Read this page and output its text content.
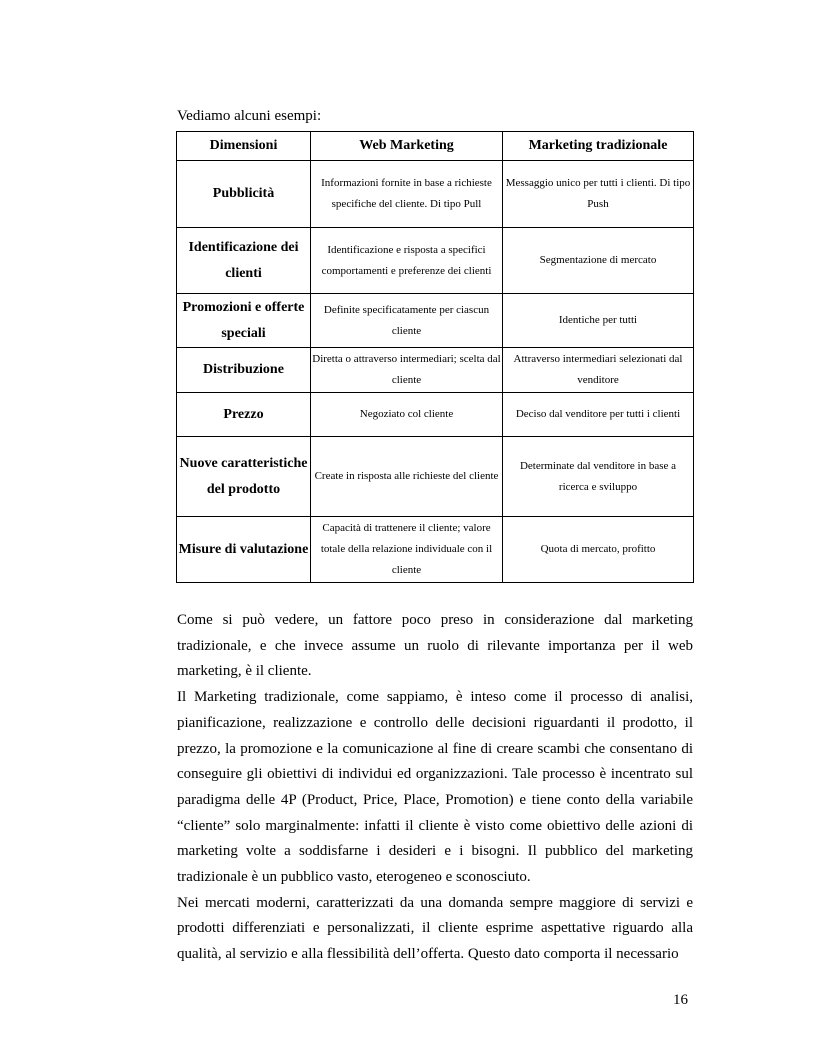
Vediamo alcuni esempi:
Dimensioni	Web Marketing	Marketing tradizionale
Pubblicità	Informazioni fornite in base a richieste specifiche del cliente. Di tipo Pull	Messaggio unico per tutti i clienti. Di tipo Push
Identificazione dei clienti	Identificazione e risposta a specifici comportamenti e preferenze dei clienti	Segmentazione di mercato
Promozioni e offerte speciali	Definite specificatamente per ciascun cliente	Identiche per tutti
Distribuzione	Diretta o attraverso intermediari; scelta dal cliente	Attraverso intermediari selezionati dal venditore
Prezzo	Negoziato col cliente	Deciso dal venditore per tutti i clienti
Nuove caratteristiche del prodotto	Create in risposta alle richieste del cliente	Determinate dal venditore in base a ricerca e sviluppo
Misure di valutazione	Capacità di trattenere il cliente; valore totale della relazione individuale con il cliente	Quota di mercato, profitto

Come si può vedere, un fattore poco preso in considerazione dal marketing tradizionale, e che invece assume un ruolo di rilevante importanza per il web marketing, è il cliente.

Il Marketing tradizionale, come sappiamo, è inteso come il processo di analisi, pianificazione, realizzazione e controllo delle decisioni riguardanti il prodotto, il prezzo, la promozione e la comunicazione al fine di creare scambi che consentano di conseguire gli obiettivi di individui ed organizzazioni. Tale processo è incentrato sul paradigma delle 4P (Product, Price, Place, Promotion) e tiene conto della variabile “cliente” solo marginalmente: infatti il cliente è visto come obiettivo delle azioni di marketing volte a soddisfarne i desideri e i bisogni. Il pubblico del marketing tradizionale è un pubblico vasto, eterogeneo e sconosciuto.

Nei mercati moderni, caratterizzati da una domanda sempre maggiore di servizi e prodotti differenziati e personalizzati, il cliente esprime aspettative riguardo alla qualità, al servizio e alla flessibilità dell’offerta. Questo dato comporta il necessario

16
